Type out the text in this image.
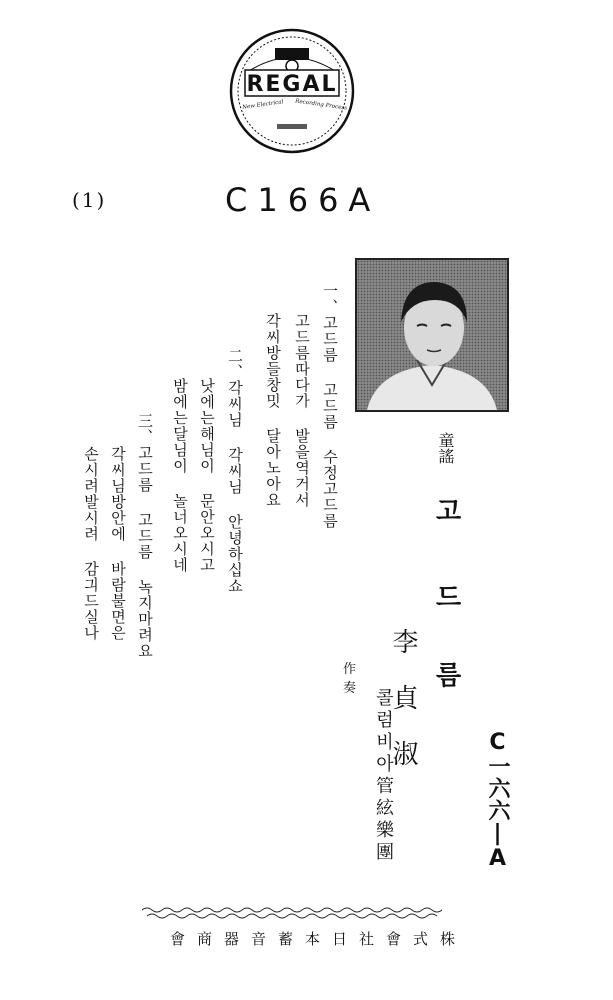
REGAL
New Electrical Recording Process
(1)	C166A
一、고드름 고드름 수정고드름
고드름따다가 발을역거서
각씨방들창밋 달아노아요
二、각씨님 각씨님 안녕하십쇼
낫에는해님이 문안오시고
밤에는달님이 놀너오시네
三、고드름 고드름 녹지마려요
각씨님방안에 바람불면은
손시려발시려 감긔드실나	童謠
고
드
름
李貞淑
作
奏 콜럼비아管絃樂團	C一六六|A
會商器音蓄本日社會式株
